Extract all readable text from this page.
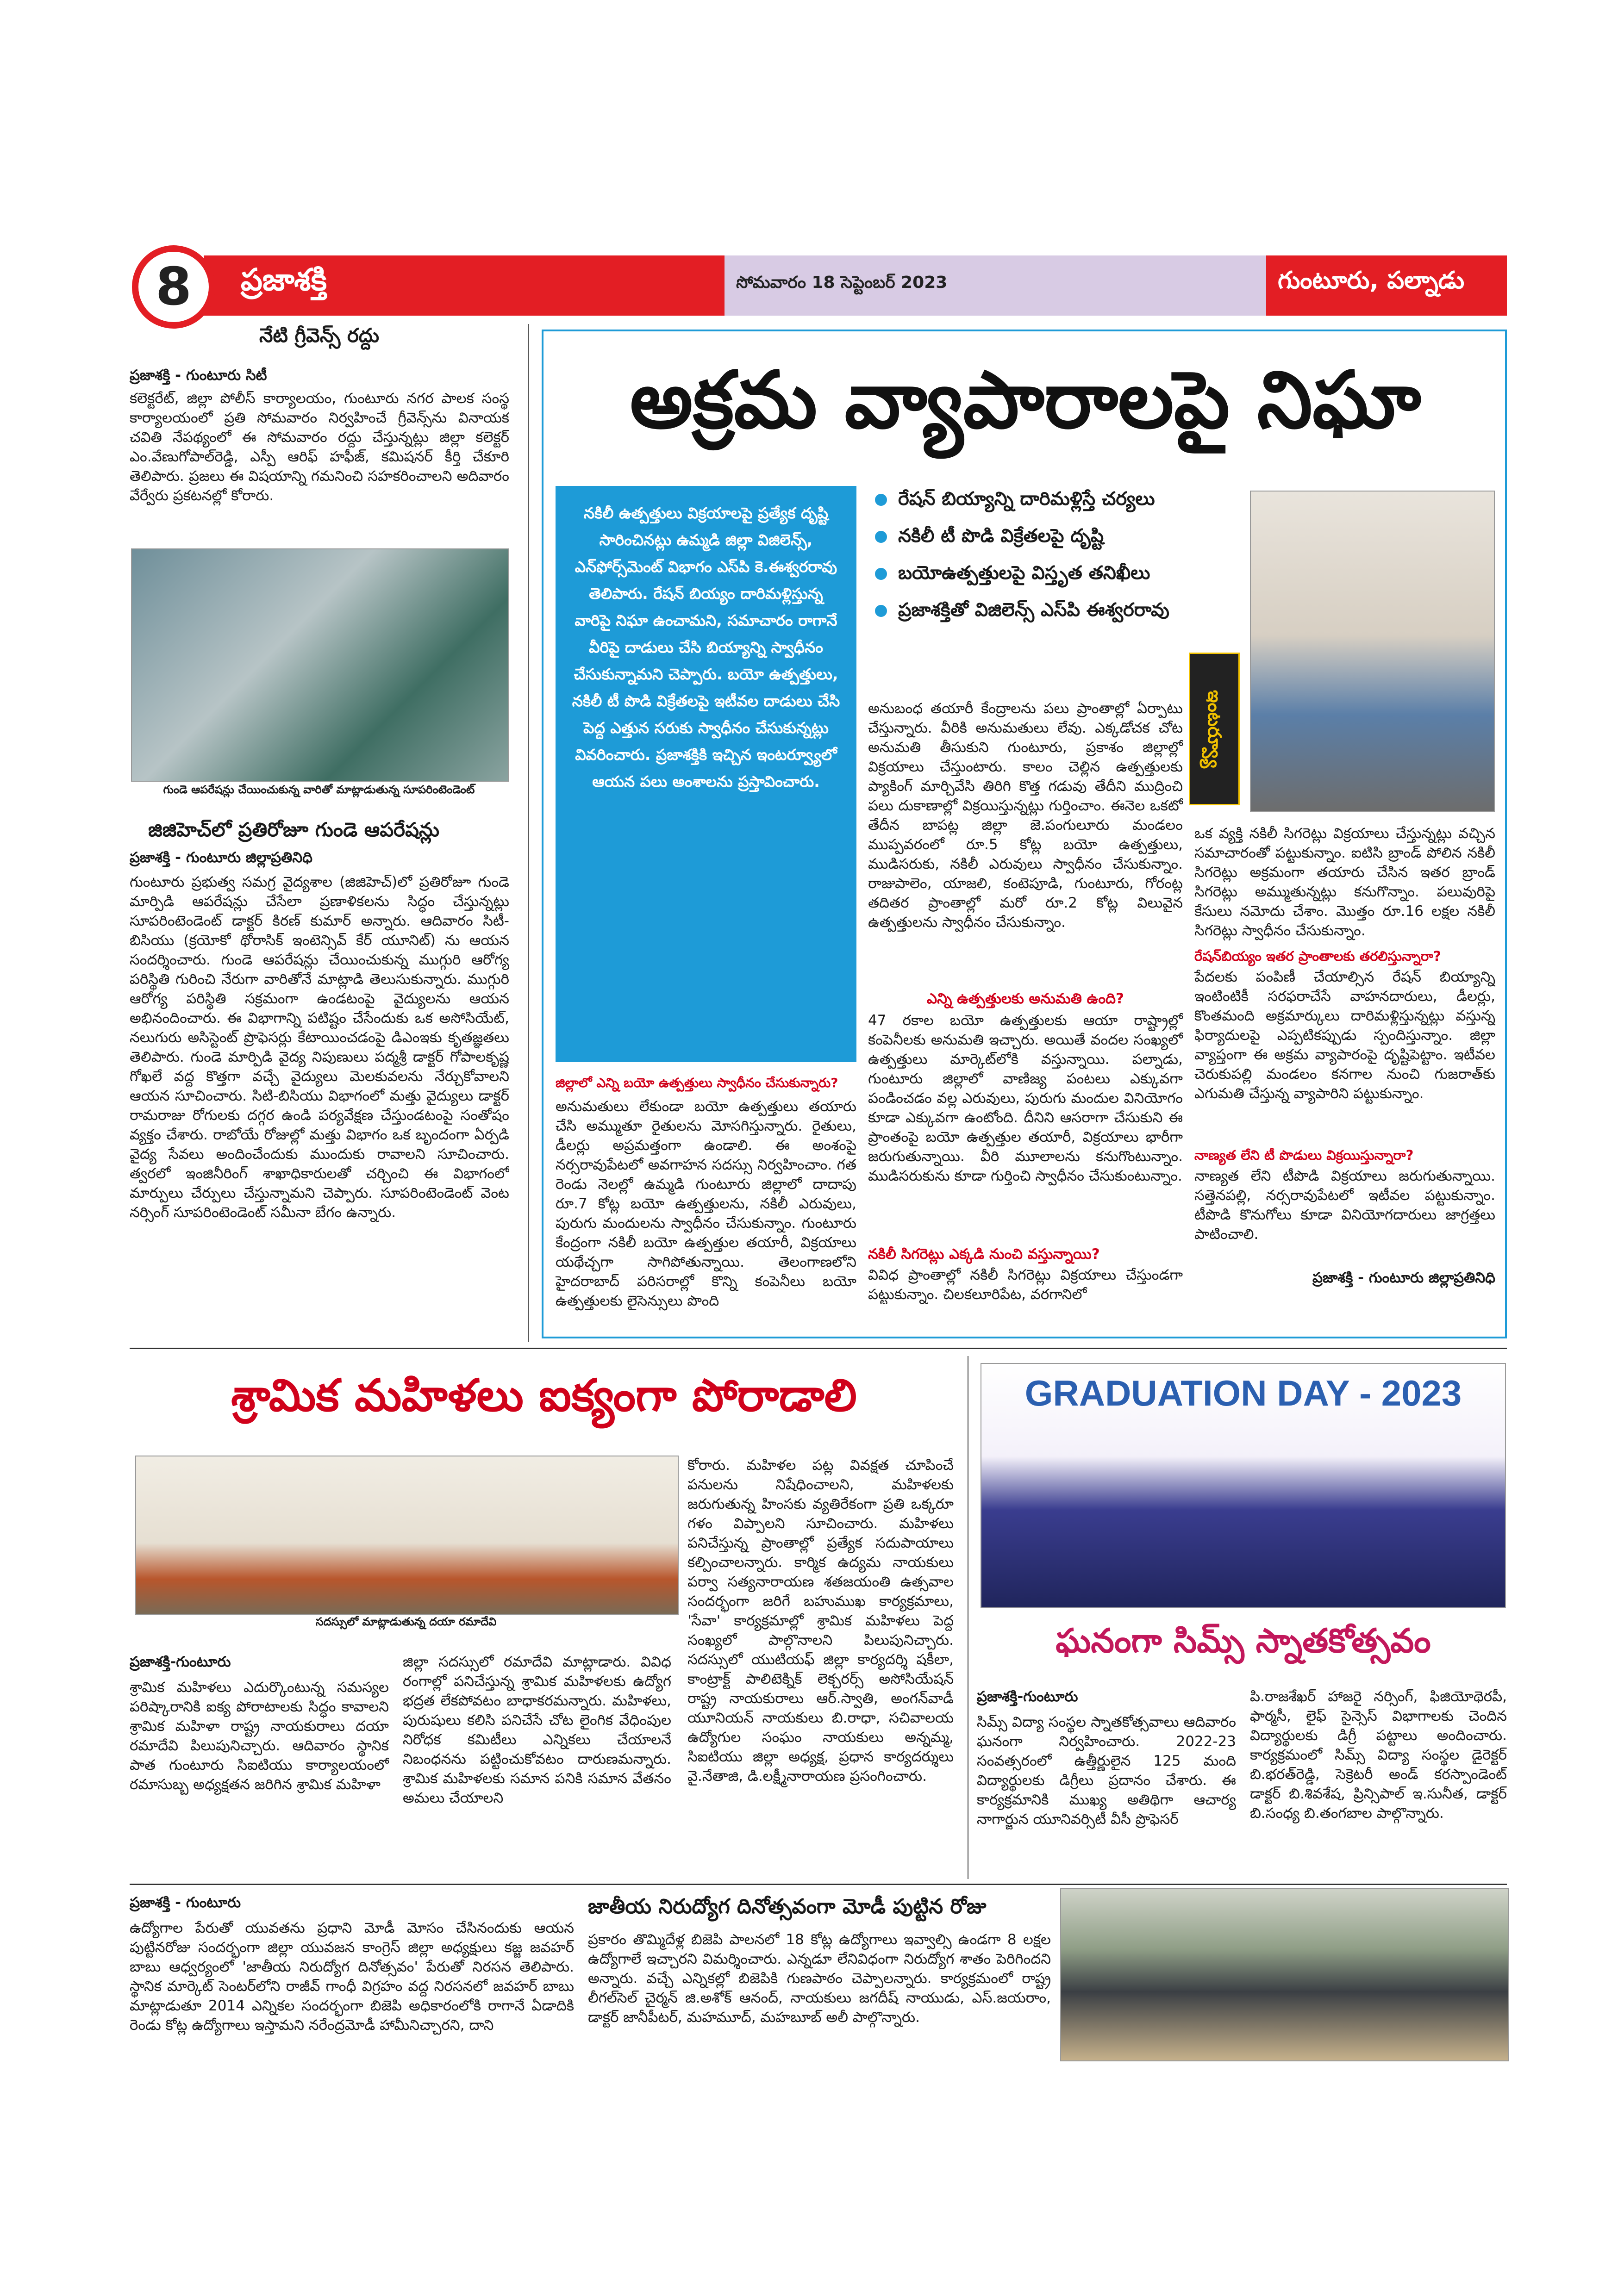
8 ప్రజాశక్తి	సోమవారం 18 సెప్టెంబర్ 2023	గుంటూరు, పల్నాడు
నేటి గ్రీవెన్స్ రద్దు
ప్రజాశక్తి - గుంటూరు సిటీ
కలెక్టరేట్, జిల్లా పోలీస్ కార్యాలయం, గుంటూరు నగర పాలక సంస్థ కార్యాలయంలో ప్రతి సోమవారం నిర్వహించే గ్రీవెన్స్‌ను వినాయక చవితి నేపథ్యంలో ఈ సోమవారం రద్దు చేస్తున్నట్లు జిల్లా కలెక్టర్ ఎం.వేణుగోపాల్‌రెడ్డి, ఎస్పీ ఆరిఫ్ హఫీజ్, కమిషనర్ కీర్తి చేకూరి తెలిపారు. ప్రజలు ఈ విషయాన్ని గమనించి సహకరించాలని అదివారం వేర్వేరు ప్రకటనల్లో కోరారు.
గుండె ఆపరేషన్లు చేయించుకున్న వారితో మాట్లాడుతున్న సూపరింటెండెంట్
జిజిహెచ్‌లో ప్రతిరోజూ గుండె ఆపరేషన్లు
ప్రజాశక్తి - గుంటూరు జిల్లాప్రతినిధి
గుంటూరు ప్రభుత్వ సమగ్ర వైద్యశాల (జిజిహెచ్)లో ప్రతిరోజూ గుండె మార్పిడి ఆపరేషన్లు చేసేలా ప్రణాళికలను సిద్ధం చేస్తున్నట్లు సూపరింటెండెంట్ డాక్టర్ కిరణ్ కుమార్ అన్నారు. ఆదివారం సిటీ-బిసియు (క్రయోకో థోరాసిక్ ఇంటెన్సివ్ కేర్ యూనిట్) ను ఆయన సందర్శించారు. గుండె ఆపరేషన్లు చేయించుకున్న ముగ్గురి ఆరోగ్య పరిస్థితి గురించి నేరుగా వారితోనే మాట్లాడి తెలుసుకున్నారు. ముగ్గురి ఆరోగ్య పరిస్థితి సక్రమంగా ఉండటంపై వైద్యులను ఆయన అభినందించారు. ఈ విభాగాన్ని పటిష్టం చేసేందుకు ఒక అసోసియేట్, నలుగురు అసిస్టెంట్ ప్రొఫెసర్లు కేటాయించడంపై డిఎంఇకు కృతజ్ఞతలు తెలిపారు. గుండె మార్పిడి వైద్య నిపుణులు పద్మశ్రీ డాక్టర్ గోపాలకృష్ణ గోఖలే వద్ద కొత్తగా వచ్చే వైద్యులు మెలకువలను నేర్చుకోవాలని ఆయన సూచించారు. సిటి-బిసియు విభాగంలో మత్తు వైద్యులు డాక్టర్ రామరాజు రోగులకు దగ్గర ఉండి పర్యవేక్షణ చేస్తుండటంపై సంతోషం వ్యక్తం చేశారు. రాబోయే రోజుల్లో మత్తు విభాగం ఒక బృందంగా ఏర్పడి వైద్య సేవలు అందించేందుకు ముందుకు రావాలని సూచించారు. త్వరలో ఇంజినీరింగ్ శాఖాధికారులతో చర్చించి ఈ విభాగంలో మార్పులు చేర్పులు చేస్తున్నామని చెప్పారు. సూపరింటెండెంట్ వెంట నర్సింగ్ సూపరింటెండెంట్ సమీనా బేగం ఉన్నారు.
అక్రమ వ్యాపారాలపై నిఘా
నకిలీ ఉత్పత్తులు విక్రయాలపై ప్రత్యేక దృష్టి సారించినట్లు ఉమ్మడి జిల్లా విజిలెన్స్, ఎన్‌ఫోర్స్‌మెంట్ విభాగం ఎస్‌పి కె.ఈశ్వరరావు తెలిపారు. రేషన్ బియ్యం దారిమళ్లిస్తున్న వారిపై నిఘా ఉంచామని, సమాచారం రాగానే వీరిపై దాడులు చేసి బియ్యాన్ని స్వాధీనం చేసుకున్నామని చెప్పారు. బయో ఉత్పత్తులు, నకిలీ టీ పొడి విక్రేతలపై ఇటీవల దాడులు చేసి పెద్ద ఎత్తున సరుకు స్వాధీనం చేసుకున్నట్లు వివరించారు. ప్రజాశక్తికి ఇచ్చిన ఇంటర్వ్యూలో ఆయన పలు అంశాలను ప్రస్తావించారు.
రేషన్ బియ్యాన్ని దారిమళ్లిస్తే చర్యలు
నకిలీ టీ పొడి విక్రేతలపై దృష్టి
బయోఉత్పత్తులపై విస్తృత తనిఖీలు
ప్రజాశక్తితో విజిలెన్స్ ఎస్‌పి ఈశ్వరరావు
ఇంటర్వ్యూ
జిల్లాలో ఎన్ని బయో ఉత్పత్తులు స్వాధీనం చేసుకున్నారు?
అనుమతులు లేకుండా బయో ఉత్పత్తులు తయారు చేసి అమ్ముతూ రైతులను మోసగిస్తున్నారు. రైతులు, డీలర్లు అప్రమత్తంగా ఉండాలి. ఈ అంశంపై నర్సరావుపేటలో అవగాహన సదస్సు నిర్వహించాం. గత రెండు నెలల్లో ఉమ్మడి గుంటూరు జిల్లాలో దాదాపు రూ.7 కోట్ల బయో ఉత్పత్తులను, నకిలీ ఎరువులు, పురుగు మందులను స్వాధీనం చేసుకున్నాం. గుంటూరు కేంద్రంగా నకిలీ బయో ఉత్పత్తుల తయారీ, విక్రయాలు యథేచ్చగా సాగిపోతున్నాయి. తెలంగాణలోని హైదరాబాద్ పరిసరాల్లో కొన్ని కంపెనీలు బయో ఉత్పత్తులకు లైసెన్సులు పొంది
అనుబంధ తయారీ కేంద్రాలను పలు ప్రాంతాల్లో ఏర్పాటు చేస్తున్నారు. వీరికి అనుమతులు లేవు. ఎక్కడోచక చోట అనుమతి తీసుకుని గుంటూరు, ప్రకాశం జిల్లాల్లో విక్రయాలు చేస్తుంటారు. కాలం చెల్లిన ఉత్పత్తులకు ప్యాకింగ్ మార్చివేసి తిరిగి కొత్త గడువు తేదీని ముద్రించి పలు దుకాణాల్లో విక్రయిస్తున్నట్లు గుర్తించాం. ఈనెల ఒకటో తేదీన బాపట్ల జిల్లా జె.పంగులూరు మండలం ముప్పవరంలో రూ.5 కోట్ల బయో ఉత్పత్తులు, ముడిసరుకు, నకిలీ ఎరువులు స్వాధీనం చేసుకున్నాం. రాజుపాలెం, యాజలి, కంటెపూడి, గుంటూరు, గోరంట్ల తదితర ప్రాంతాల్లో మరో రూ.2 కోట్ల విలువైన ఉత్పత్తులను స్వాధీనం చేసుకున్నాం.
ఎన్ని ఉత్పత్తులకు అనుమతి ఉంది?
47 రకాల బయో ఉత్పత్తులకు ఆయా రాష్ట్రాల్లో కంపెనీలకు అనుమతి ఇచ్చారు. అయితే వందల సంఖ్యలో ఉత్పత్తులు మార్కెట్‌లోకి వస్తున్నాయి. పల్నాడు, గుంటూరు జిల్లాలో వాణిజ్య పంటలు ఎక్కువగా పండించడం వల్ల ఎరువులు, పురుగు మందుల వినియోగం కూడా ఎక్కువగా ఉంటోంది. దీనిని ఆసరాగా చేసుకుని ఈ ప్రాంతంపై బయో ఉత్పత్తుల తయారీ, విక్రయాలు భారీగా జరుగుతున్నాయి. వీరి మూలాలను కనుగొంటున్నాం. ముడిసరుకును కూడా గుర్తించి స్వాధీనం చేసుకుంటున్నాం.
నకిలీ సిగరెట్లు ఎక్కడి నుంచి వస్తున్నాయి?
వివిధ ప్రాంతాల్లో నకిలీ సిగరెట్లు విక్రయాలు చేస్తుండగా పట్టుకున్నాం. చిలకలూరిపేట, వరగానిలో
ఒక వ్యక్తి నకిలీ సిగరెట్లు విక్రయాలు చేస్తున్నట్లు వచ్చిన సమాచారంతో పట్టుకున్నాం. ఐటిసి బ్రాండ్ పోలిన నకిలీ సిగరెట్లు అక్రమంగా తయారు చేసిన ఇతర బ్రాండ్ సిగరెట్లు అమ్ముతున్నట్లు కనుగొన్నాం. పలువురిపై కేసులు నమోదు చేశాం. మొత్తం రూ.16 లక్షల నకిలీ సిగరెట్లు స్వాధీనం చేసుకున్నాం.
రేషన్‌బియ్యం ఇతర ప్రాంతాలకు తరలిస్తున్నారా?
పేదలకు పంపిణీ చేయాల్సిన రేషన్ బియ్యాన్ని ఇంటింటికీ సరఫరాచేసే వాహనదారులు, డీలర్లు, కొంతమంది అక్రమార్కులు దారిమళ్లిస్తున్నట్లు వస్తున్న ఫిర్యాదులపై ఎప్పటికప్పుడు స్పందిస్తున్నాం. జిల్లా వ్యాప్తంగా ఈ అక్రమ వ్యాపారంపై దృష్టిపెట్టాం. ఇటీవల చెరుకుపల్లి మండలం కనగాల నుంచి గుజరాత్‌కు ఎగుమతి చేస్తున్న వ్యాపారిని పట్టుకున్నాం.
నాణ్యత లేని టీ పొడులు విక్రయిస్తున్నారా?
నాణ్యత లేని టీపొడి విక్రయాలు జరుగుతున్నాయి. సత్తెనపల్లి, నర్సరావుపేటలో ఇటీవల పట్టుకున్నాం. టీపొడి కొనుగోలు కూడా వినియోగదారులు జాగ్రత్తలు పాటించాలి.
ప్రజాశక్తి - గుంటూరు జిల్లాప్రతినిధి
శ్రామిక మహిళలు ఐక్యంగా పోరాడాలి
సదస్సులో మాట్లాడుతున్న దయా రమాదేవి
ప్రజాశక్తి-గుంటూరు
శ్రామిక మహిళలు ఎదుర్కొంటున్న సమస్యల పరిష్కారానికి ఐక్య పోరాటాలకు సిద్ధం కావాలని శ్రామిక మహిళా రాష్ట్ర నాయకురాలు దయా రమాదేవి పిలుపునిచ్చారు. ఆదివారం స్థానిక పాత గుంటూరు సిఐటియు కార్యాలయంలో రమాసుబ్బ అధ్యక్షతన జరిగిన శ్రామిక మహిళా
జిల్లా సదస్సులో రమాదేవి మాట్లాడారు. వివిధ రంగాల్లో పనిచేస్తున్న శ్రామిక మహిళలకు ఉద్యోగ భద్రత లేకపోవటం బాధాకరమన్నారు. మహిళలు, పురుషులు కలిసి పనిచేసే చోట లైంగిక వేధింపుల నిరోధక కమిటీలు ఎన్నికలు చేయాలనే నిబంధనను పట్టించుకోవటం దారుణమన్నారు. శ్రామిక మహిళలకు సమాన పనికి సమాన వేతనం అమలు చేయాలని
కోరారు. మహిళల పట్ల వివక్షత చూపించే పనులను నిషేధించాలని, మహిళలకు జరుగుతున్న హింసకు వ్యతిరేకంగా ప్రతి ఒక్కరూ గళం విప్పాలని సూచించారు. మహిళలు పనిచేస్తున్న ప్రాంతాల్లో ప్రత్యేక సదుపాయాలు కల్పించాలన్నారు. కార్మిక ఉద్యమ నాయకులు పర్వా సత్యనారాయణ శతజయంతి ఉత్సవాల సందర్భంగా జరిగే బహుముఖ కార్యక్రమాలు, 'సేవా' కార్యక్రమాల్లో శ్రామిక మహిళలు పెద్ద సంఖ్యలో పాల్గొనాలని పిలుపునిచ్చారు. సదస్సులో యుటియఫ్ జిల్లా కార్యదర్శి షకీలా, కాంట్రాక్ట్ పాలిటెక్నిక్ లెక్చరర్స్ అసోసియేషన్ రాష్ట్ర నాయకురాలు ఆర్.స్వాతి, అంగన్‌వాడీ యూనియన్ నాయకులు బి.రాధా, సచివాలయ ఉద్యోగుల సంఘం నాయకులు అన్నమ్మ, సిఐటియు జిల్లా అధ్యక్ష, ప్రధాన కార్యదర్శులు వై.నేతాజి, డి.లక్ష్మీనారాయణ ప్రసంగించారు.
GRADUATION DAY - 2023
ఘనంగా సిమ్స్ స్నాతకోత్సవం
ప్రజాశక్తి-గుంటూరు
సిమ్స్ విద్యా సంస్థల స్నాతకోత్సవాలు ఆదివారం ఘనంగా నిర్వహించారు. 2022-23 సంవత్సరంలో ఉత్తీర్ణులైన 125 మంది విద్యార్థులకు డిగ్రీలు ప్రదానం చేశారు. ఈ కార్యక్రమానికి ముఖ్య అతిథిగా ఆచార్య నాగార్జున యూనివర్సిటీ వీసీ ప్రొఫెసర్
పి.రాజశేఖర్ హాజరై నర్సింగ్, ఫిజియోథెరపీ, ఫార్మసీ, లైఫ్ సైన్సెస్ విభాగాలకు చెందిన విద్యార్థులకు డిగ్రీ పట్టాలు అందించారు. కార్యక్రమంలో సిమ్స్ విద్యా సంస్థల డైరెక్టర్ బి.భరత్‌రెడ్డి, సెక్రెటరీ అండ్ కరస్పాండెంట్ డాక్టర్ బి.శివశేష, ప్రిన్సిపాల్ ఇ.సునీత, డాక్టర్ బి.సంధ్య బి.తంగబాల పాల్గొన్నారు.
ప్రజాశక్తి - గుంటూరు	జాతీయ నిరుద్యోగ దినోత్సవంగా మోడీ పుట్టిన రోజు
ఉద్యోగాల పేరుతో యువతను ప్రధాని మోడీ మోసం చేసినందుకు ఆయన పుట్టినరోజు సందర్భంగా జిల్లా యువజన కాంగ్రెస్ జిల్లా అధ్యక్షులు కజ్జ జవహర్ బాబు ఆధ్వర్యంలో 'జాతీయ నిరుద్యోగ దినోత్సవం' పేరుతో నిరసన తెలిపారు. స్థానిక మార్కెట్ సెంటర్‌లోని రాజీవ్ గాంధీ విగ్రహం వద్ద నిరసనలో జవహర్ బాబు మాట్లాడుతూ 2014 ఎన్నికల సందర్భంగా బిజెపి అధికారంలోకి రాగానే ఏడాదికి రెండు కోట్ల ఉద్యోగాలు ఇస్తామని నరేంద్రమోడీ హామీనిచ్చారని, దాని
ప్రకారం తొమ్మిదేళ్ల బిజెపి పాలనలో 18 కోట్ల ఉద్యోగాలు ఇవ్వాల్సి ఉండగా 8 లక్షల ఉద్యోగాలే ఇచ్చారని విమర్శించారు. ఎన్నడూ లేనివిధంగా నిరుద్యోగ శాతం పెరిగిందని అన్నారు. వచ్చే ఎన్నికల్లో బిజెపికి గుణపాఠం చెప్పాలన్నారు. కార్యక్రమంలో రాష్ట్ర లీగల్‌సెల్ చైర్మన్ జి.అశోక్ ఆనంద్, నాయకులు జగదీష్ నాయుడు, ఎస్.జయరాం, డాక్టర్ జానీపీటర్, మహమూద్, మహబూబ్ అలీ పాల్గొన్నారు.
